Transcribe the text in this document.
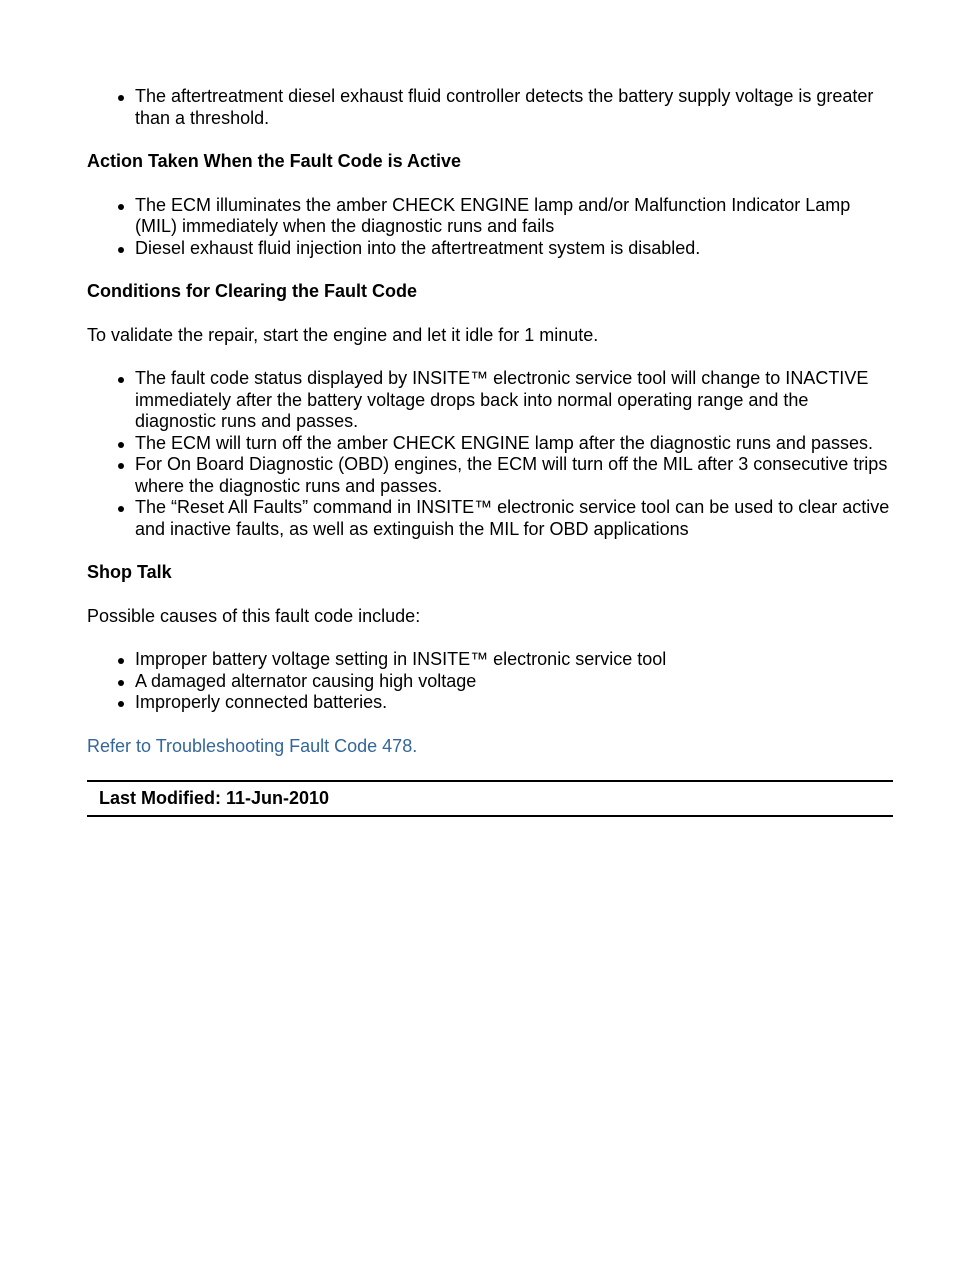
The aftertreatment diesel exhaust fluid controller detects the battery supply voltage is greater than a threshold.

Action Taken When the Fault Code is Active

The ECM illuminates the amber CHECK ENGINE lamp and/or Malfunction Indicator Lamp (MIL) immediately when the diagnostic runs and fails
Diesel exhaust fluid injection into the aftertreatment system is disabled.

Conditions for Clearing the Fault Code

To validate the repair, start the engine and let it idle for 1 minute.

The fault code status displayed by INSITE™ electronic service tool will change to INACTIVE immediately after the battery voltage drops back into normal operating range and the diagnostic runs and passes.
The ECM will turn off the amber CHECK ENGINE lamp after the diagnostic runs and passes.
For On Board Diagnostic (OBD) engines, the ECM will turn off the MIL after 3 consecutive trips where the diagnostic runs and passes.
The “Reset All Faults” command in INSITE™ electronic service tool can be used to clear active and inactive faults, as well as extinguish the MIL for OBD applications

Shop Talk

Possible causes of this fault code include:

Improper battery voltage setting in INSITE™ electronic service tool
A damaged alternator causing high voltage
Improperly connected batteries.

Refer to Troubleshooting Fault Code 478.

Last Modified: 11-Jun-2010
